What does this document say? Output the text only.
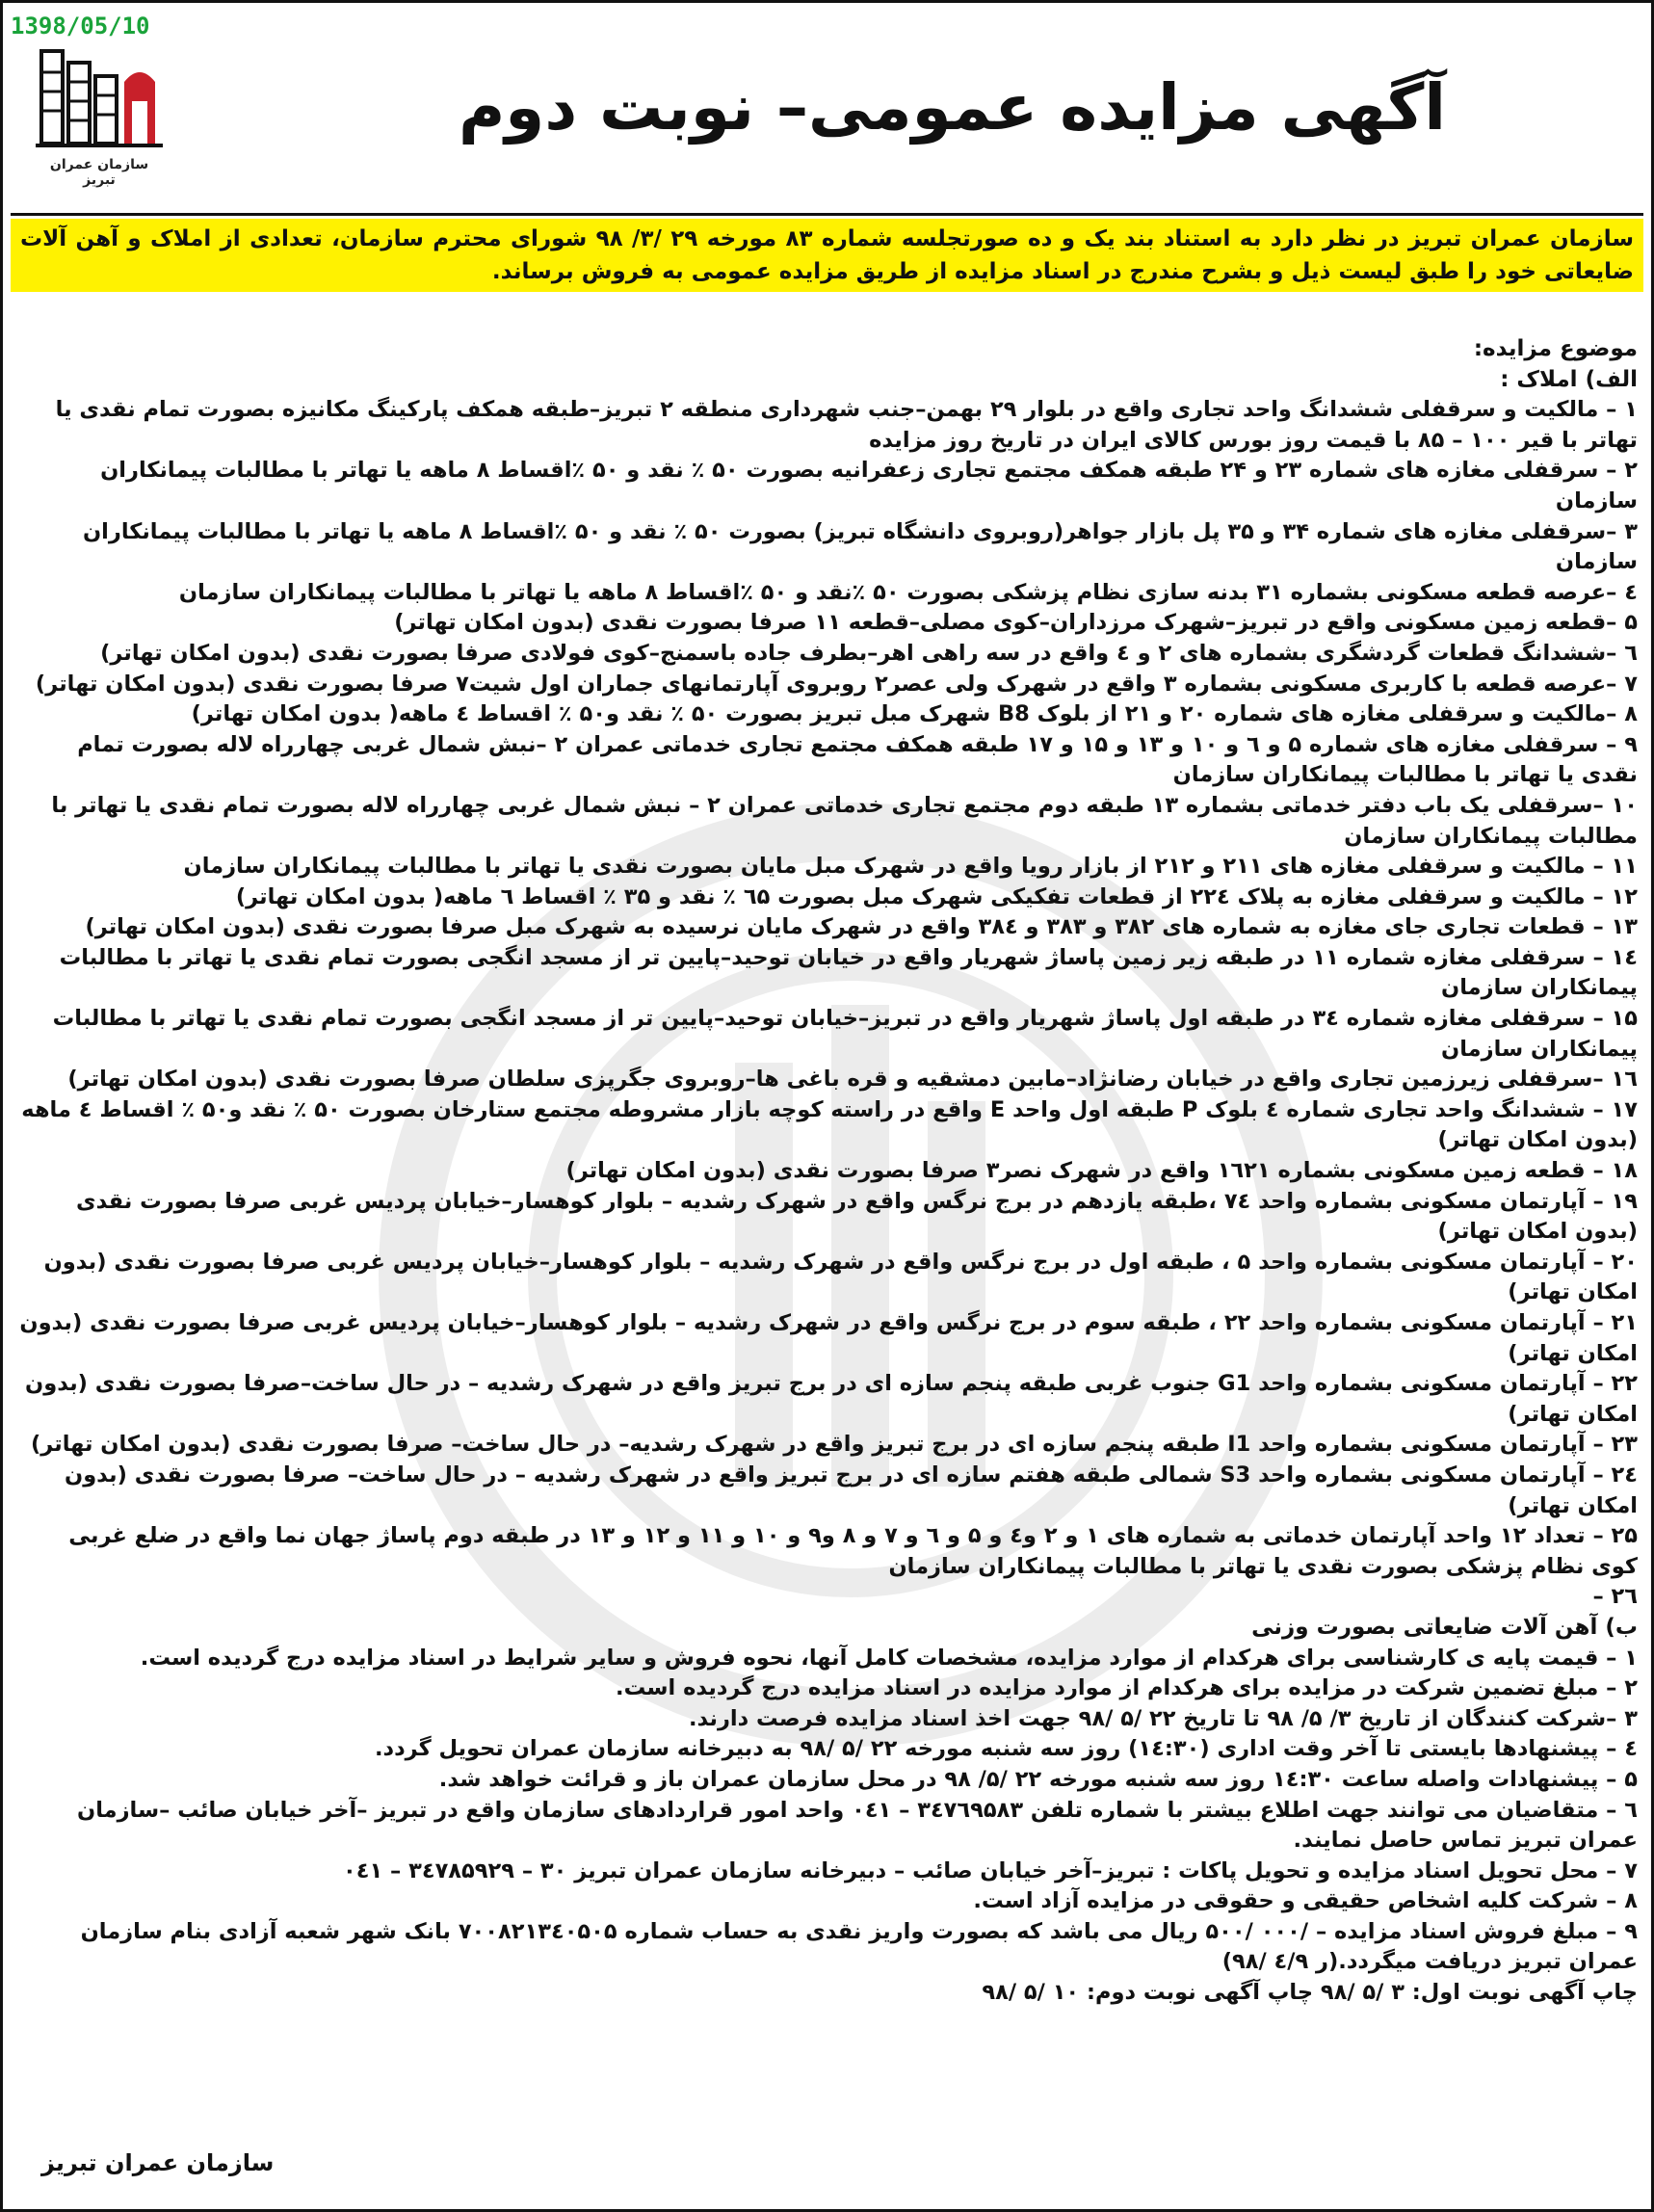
1398/05/10
سازمان عمران تبریز
آگهی مزایده عمومی– نوبت دوم
سازمان عمران تبریز در نظر دارد به استناد بند یک و ده صورتجلسه شماره ۸۳ مورخه ۲۹ /۳/ ۹۸ شورای محترم سازمان، تعدادی از املاک و آهن آلات ضایعاتی خود را طبق لیست ذیل و بشرح مندرج در اسناد مزایده از طریق مزایده عمومی به فروش برساند.

موضوع مزایده:

الف) املاک :

۱ – مالکیت و سرقفلی ششدانگ واحد تجاری واقع در بلوار ۲۹ بهمن–جنب شهرداری منطقه ۲ تبریز–طبقه همکف پارکینگ مکانیزه بصورت تمام نقدی یا تهاتر با قیر ۱۰۰ – ۸۵ با قیمت روز بورس کالای ایران در تاریخ روز مزایده

۲ – سرقفلی مغازه های شماره ۲۳ و ۲۴ طبقه همکف مجتمع تجاری زعفرانیه بصورت ۵۰ ٪ نقد و ۵۰ ٪اقساط ۸ ماهه یا تهاتر با مطالبات پیمانکاران سازمان

۳ –سرقفلی مغازه های شماره ۳۴ و ۳۵ پل بازار جواهر(روبروی دانشگاه تبریز) بصورت ۵۰ ٪ نقد و ۵۰ ٪اقساط ۸ ماهه یا تهاتر با مطالبات پیمانکاران سازمان

٤ –عرصه قطعه مسکونی بشماره ۳۱ بدنه سازی نظام پزشکی بصورت ۵۰ ٪نقد و ۵۰ ٪اقساط ۸ ماهه یا تهاتر با مطالبات پیمانکاران سازمان

۵ –قطعه زمین مسکونی واقع در تبریز–شهرک مرزداران–کوی مصلی–قطعه ۱۱ صرفا بصورت نقدی (بدون امکان تهاتر)

٦ –ششدانگ قطعات گردشگری بشماره های ۲ و ٤ واقع در سه راهی اهر–بطرف جاده باسمنج–کوی فولادی صرفا بصورت نقدی (بدون امکان تهاتر)

۷ –عرصه قطعه با کاربری مسکونی بشماره ۳ واقع در شهرک ولی عصر۲ روبروی آپارتمانهای جماران اول شیت۷ صرفا بصورت نقدی (بدون امکان تهاتر)

۸ –مالکیت و سرقفلی مغازه های شماره ۲۰ و ۲۱ از بلوک B8 شهرک مبل تبریز بصورت ۵۰ ٪ نقد و۵۰ ٪ اقساط ٤ ماهه( بدون امکان تهاتر)

۹ – سرقفلی مغازه های شماره ۵ و ٦ و ۱۰ و ۱۳ و ۱۵ و ۱۷ طبقه همکف مجتمع تجاری خدماتی عمران ۲ –نبش شمال غربی چهارراه لاله بصورت تمام نقدی یا تهاتر با مطالبات پیمانکاران سازمان

۱۰ –سرقفلی یک باب دفتر خدماتی بشماره ۱۳ طبقه دوم مجتمع تجاری خدماتی عمران ۲ – نبش شمال غربی چهارراه لاله بصورت تمام نقدی یا تهاتر با مطالبات پیمانکاران سازمان

۱۱ – مالکیت و سرقفلی مغازه های ۲۱۱ و ۲۱۲ از بازار رویا واقع در شهرک مبل مایان بصورت نقدی یا تهاتر با مطالبات پیمانکاران سازمان

۱۲ – مالکیت و سرقفلی مغازه به پلاک ۲۲٤ از قطعات تفکیکی شهرک مبل بصورت ٦۵ ٪ نقد و ۳۵ ٪ اقساط ٦ ماهه( بدون امکان تهاتر)

۱۳ – قطعات تجاری جای مغازه به شماره های ۳۸۲ و ۳۸۳ و ۳۸٤ واقع در شهرک مایان نرسیده به شهرک مبل صرفا بصورت نقدی (بدون امکان تهاتر)

۱٤ – سرقفلی مغازه شماره ۱۱ در طبقه زیر زمین پاساژ شهریار واقع در خیابان توحید–پایین تر از مسجد انگجی بصورت تمام نقدی یا تهاتر با مطالبات پیمانکاران سازمان

۱۵ – سرقفلی مغازه شماره ۳٤ در طبقه اول پاساژ شهریار واقع در تبریز–خیابان توحید–پایین تر از مسجد انگجی بصورت تمام نقدی یا تهاتر با مطالبات پیمانکاران سازمان

۱٦ –سرقفلی زیرزمین تجاری واقع در خیابان رضانژاد–مابین دمشقیه و قره باغی ها–روبروی جگرپزی سلطان صرفا بصورت نقدی (بدون امکان تهاتر)

۱۷ – ششدانگ واحد تجاری شماره ٤ بلوک P طبقه اول واحد E واقع در راسته کوچه بازار مشروطه مجتمع ستارخان بصورت ۵۰ ٪ نقد و۵۰ ٪ اقساط ٤ ماهه (بدون امکان تهاتر)

۱۸ – قطعه زمین مسکونی بشماره ۱٦۲۱ واقع در شهرک نصر۳ صرفا بصورت نقدی (بدون امکان تهاتر)

۱۹ – آپارتمان مسکونی بشماره واحد ۷٤ ،طبقه یازدهم در برج نرگس واقع در شهرک رشدیه – بلوار کوهسار–خیابان پردیس غربی صرفا بصورت نقدی (بدون امکان تهاتر)

۲۰ – آپارتمان مسکونی بشماره واحد ۵ ، طبقه اول در برج نرگس واقع در شهرک رشدیه – بلوار کوهسار–خیابان پردیس غربی صرفا بصورت نقدی (بدون امکان تهاتر)

۲۱ – آپارتمان مسکونی بشماره واحد ۲۲ ، طبقه سوم در برج نرگس واقع در شهرک رشدیه – بلوار کوهسار–خیابان پردیس غربی صرفا بصورت نقدی (بدون امکان تهاتر)

۲۲ – آپارتمان مسکونی بشماره واحد G1 جنوب غربی طبقه پنجم سازه ای در برج تبریز واقع در شهرک رشدیه – در حال ساخت–صرفا بصورت نقدی (بدون امکان تهاتر)

۲۳ – آپارتمان مسکونی بشماره واحد I1 طبقه پنجم سازه ای در برج تبریز واقع در شهرک رشدیه– در حال ساخت– صرفا بصورت نقدی (بدون امکان تهاتر)

۲٤ – آپارتمان مسکونی بشماره واحد S3 شمالی طبقه هفتم سازه ای در برج تبریز واقع در شهرک رشدیه – در حال ساخت– صرفا بصورت نقدی (بدون امکان تهاتر)

۲۵ – تعداد ۱۲ واحد آپارتمان خدماتی به شماره های ۱ و ۲ و٤ و ۵ و ٦ و ۷ و ۸ و۹ و ۱۰ و ۱۱ و ۱۲ و ۱۳ در طبقه دوم پاساژ جهان نما واقع در ضلع غربی کوی نظام پزشکی بصورت نقدی یا تهاتر با مطالبات پیمانکاران سازمان

۲٦ –

ب) آهن آلات ضایعاتی بصورت وزنی

۱ – قیمت پایه ی کارشناسی برای هرکدام از موارد مزایده، مشخصات کامل آنها، نحوه فروش و سایر شرایط در اسناد مزایده درج گردیده است.

۲ – مبلغ تضمین شرکت در مزایده برای هرکدام از موارد مزایده در اسناد مزایده درج گردیده است.

۳ –شرکت کنندگان از تاریخ ۳/ ۵/ ۹۸ تا تاریخ ۲۲ /۵ /۹۸ جهت اخذ اسناد مزایده فرصت دارند.

٤ – پیشنهادها بایستی تا آخر وقت اداری (۱٤:۳۰) روز سه شنبه مورخه ۲۲ /۵ /۹۸ به دبیرخانه سازمان عمران تحویل گردد.

۵ – پیشنهادات واصله ساعت ۱٤:۳۰ روز سه شنبه مورخه ۲۲ /۵/ ۹۸ در محل سازمان عمران باز و قرائت خواهد شد.

٦ – متقاضیان می توانند جهت اطلاع بیشتر با شماره تلفن ۳٤۷٦۹۵۸۳ – ۰٤۱ واحد امور قراردادهای سازمان واقع در تبریز –آخر خیابان صائب –سازمان عمران تبریز تماس حاصل نمایند.

۷ – محل تحویل اسناد مزایده و تحویل پاکات : تبریز–آخر خیابان صائب – دبیرخانه سازمان عمران تبریز ۳۰ – ۳٤۷۸۵۹۲۹ – ۰٤۱

۸ – شرکت کلیه اشخاص حقیقی و حقوقی در مزایده آزاد است.

۹ – مبلغ فروش اسناد مزایده – /۰۰۰ /۵۰۰ ریال می باشد که بصورت واریز نقدی به حساب شماره ۷۰۰۸۲۱۳٤۰۵۰۵ بانک شهر شعبه آزادی بنام سازمان عمران تبریز دریافت میگردد.(ر ٤/۹ /۹۸)

چاپ آگهی نوبت اول: ۳ /۵ /۹۸ چاپ آگهی نوبت دوم: ۱۰ /۵ /۹۸

سازمان عمران تبریز
